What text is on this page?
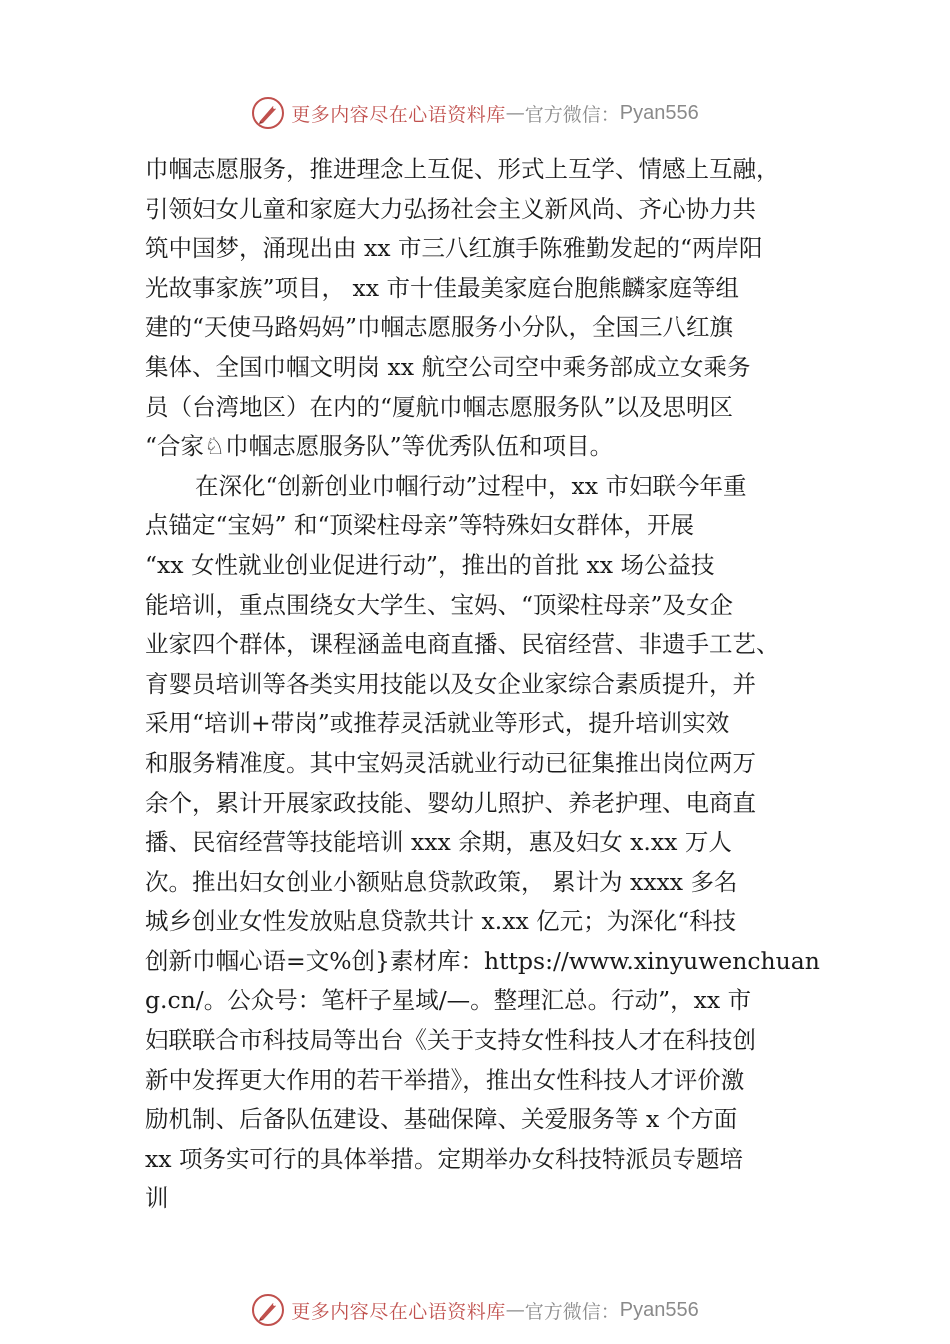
更多内容尽在心语资料库 — 官方微信： Pyan556
巾帼志愿服务，推进理念上互促、形式上互学、情感上互融，
引领妇女儿童和家庭大力弘扬社会主义新风尚、齐心协力共
筑中国梦，涌现出由 xx 市三八红旗手陈雅勤发起的“两岸阳
光故事家族”项目， xx 市十佳最美家庭台胞熊麟家庭等组
建的“天使马路妈妈”巾帼志愿服务小分队，全国三八红旗
集体、全国巾帼文明岗 xx 航空公司空中乘务部成立女乘务
员（台湾地区）在内的“厦航巾帼志愿服务队”以及思明区
“合家♘巾帼志愿服务队”等优秀队伍和项目。
在深化“创新创业巾帼行动”过程中，xx 市妇联今年重
点锚定“宝妈” 和“顶梁柱母亲”等特殊妇女群体，开展
“xx 女性就业创业促进行动”，推出的首批 xx 场公益技
能培训，重点围绕女大学生、宝妈、“顶梁柱母亲”及女企
业家四个群体，课程涵盖电商直播、民宿经营、非遗手工艺、
育婴员培训等各类实用技能以及女企业家综合素质提升，并
采用“培训+带岗”或推荐灵活就业等形式，提升培训实效
和服务精准度。其中宝妈灵活就业行动已征集推出岗位两万
余个，累计开展家政技能、婴幼儿照护、养老护理、电商直
播、民宿经营等技能培训 xxx 余期，惠及妇女 x.xx 万人
次。推出妇女创业小额贴息贷款政策， 累计为 xxxx 多名
城乡创业女性发放贴息贷款共计 x.xx 亿元；为深化“科技
创新巾帼心语=文%创}素材库：https://www.xinyuwenchuan
g.cn/。公众号：笔杆子星域/—。整理汇总。行动”，xx 市
妇联联合市科技局等出台《关于支持女性科技人才在科技创
新中发挥更大作用的若干举措》，推出女性科技人才评价激
励机制、后备队伍建设、基础保障、关爱服务等 x 个方面
xx 项务实可行的具体举措。定期举办女科技特派员专题培
训
更多内容尽在心语资料库 — 官方微信： Pyan556
